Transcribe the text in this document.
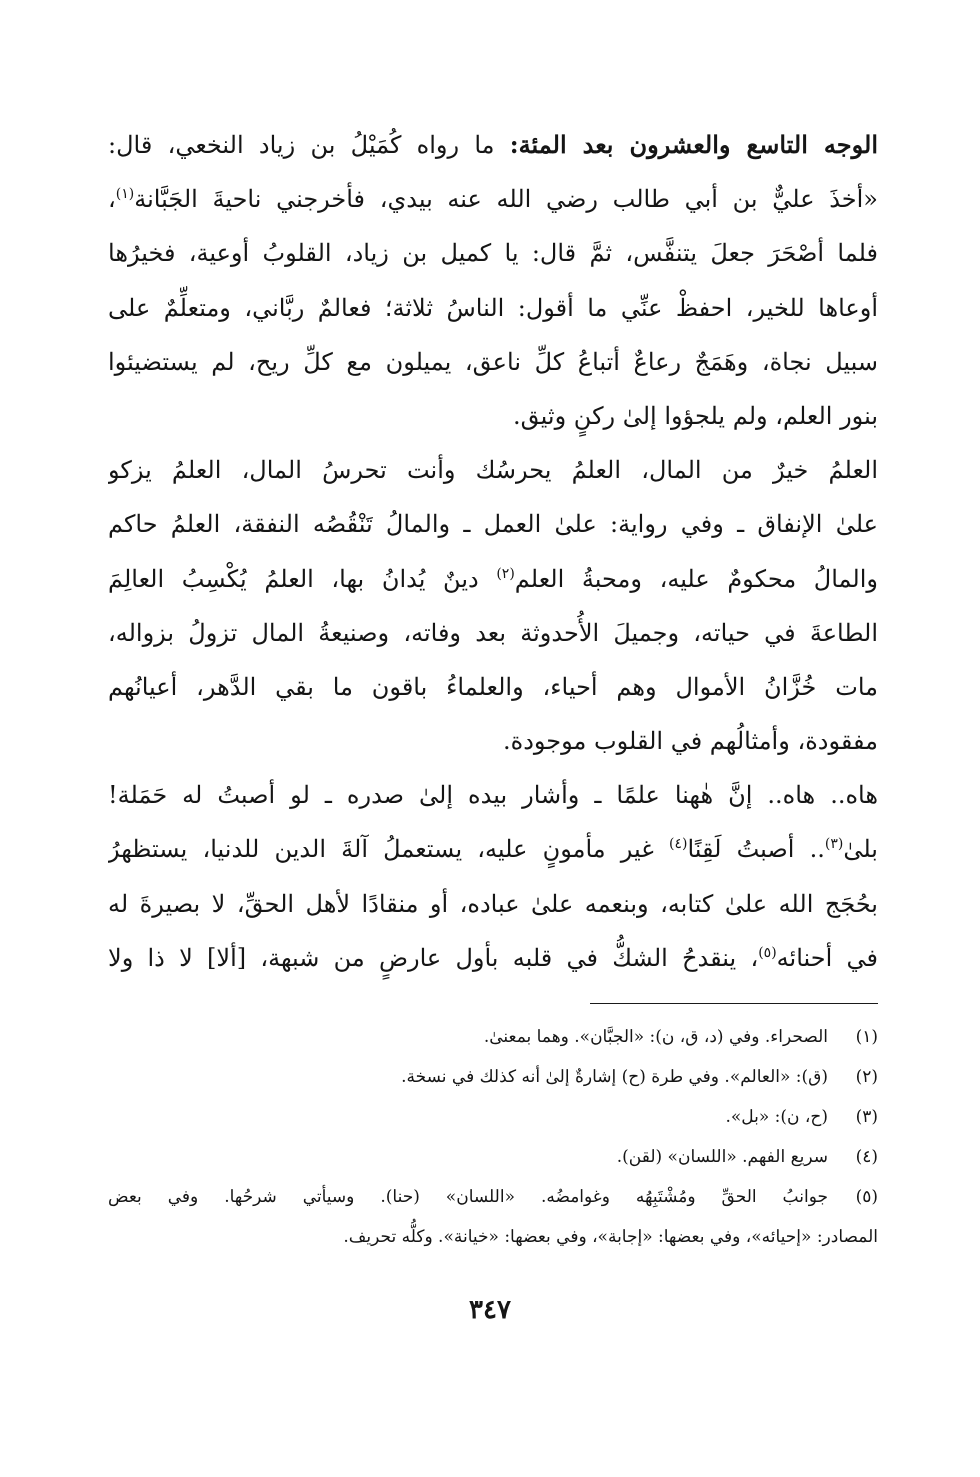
الوجه التاسع والعشرون بعد المئة: ما رواه كُمَيْلُ بن زياد النخعي، قال:
«أخذَ عليٌّ بن أبي طالب رضي الله عنه بيدي، فأخرجني ناحيةَ الجَبَّانة$^{(١)}$،
فلما أصْحَرَ جعلَ يتنفَّس، ثمَّ قال: يا كميل بن زياد، القلوبُ أوعية، فخيرُها
أوعاها للخير، احفظْ عنِّي ما أقول: الناسُ ثلاثة؛ فعالمٌ ربَّاني، ومتعلِّمٌ على
سبيل نجاة، وهَمَجٌ رعاعٌ أتباعُ كلِّ ناعق، يميلون مع كلِّ ريح، لم يستضيئوا
بنور العلم، ولم يلجؤوا إلىٰ ركنٍ وثيق.
العلمُ خيرٌ من المال، العلمُ يحرسُك وأنت تحرسُ المال، العلمُ يزكو
علىٰ الإنفاق ـ وفي رواية: علىٰ العمل ـ والمالُ تَنْقُصُه النفقة، العلمُ حاكم
والمالُ محكومٌ عليه، ومحبةُ العلم$^{(٢)}$ دينٌ يُدانُ بها، العلمُ يُكْسِبُ العالِمَ
الطاعةَ في حياته، وجميلَ الأُحدوثة بعد وفاته، وصنيعةُ المال تزولُ بزواله،
مات خُزَّانُ الأموال وهم أحياء، والعلماءُ باقون ما بقي الدَّهر، أعيانُهم
مفقودة، وأمثالُهم في القلوب موجودة.
هاه.. هاه.. إنَّ هٰهنا علمًا ـ وأشار بيده إلىٰ صدره ـ لو أصبتُ له حَمَلة!
بلىٰ$^{(٣)}$.. أصبتُ لَقِنًا$^{(٤)}$ غير مأمونٍ عليه، يستعملُ آلةَ الدين للدنيا، يستظهرُ
بحُجَج الله علىٰ كتابه، وبنعمه علىٰ عباده، أو منقادًا لأهل الحقِّ، لا بصيرةَ له
في أحنائه$^{(٥)}$، ينقدحُ الشكُّ في قلبه بأول عارضٍ من شبهة، [ألا] لا ذا ولا
(١)
الصحراء. وفي (د، ق، ن): «الجبَّان». وهما بمعنىٰ.
(٢)
(ق): «العالم». وفي طرة (ح) إشارةٌ إلىٰ أنه كذلك في نسخة.
(٣)
(ح، ن): «بل».
(٤)
سريع الفهم. «اللسان» (لقن).
(٥)
جوانبُ الحقِّ ومُشْتَبِهُه وغوامضُه. «اللسان» (حنا). وسيأتي شرحُها. وفي بعض
المصادر: «إحيائه»، وفي بعضها: «إجابة»، وفي بعضها: «خيانة». وكلُّه تحريف.
٣٤٧
